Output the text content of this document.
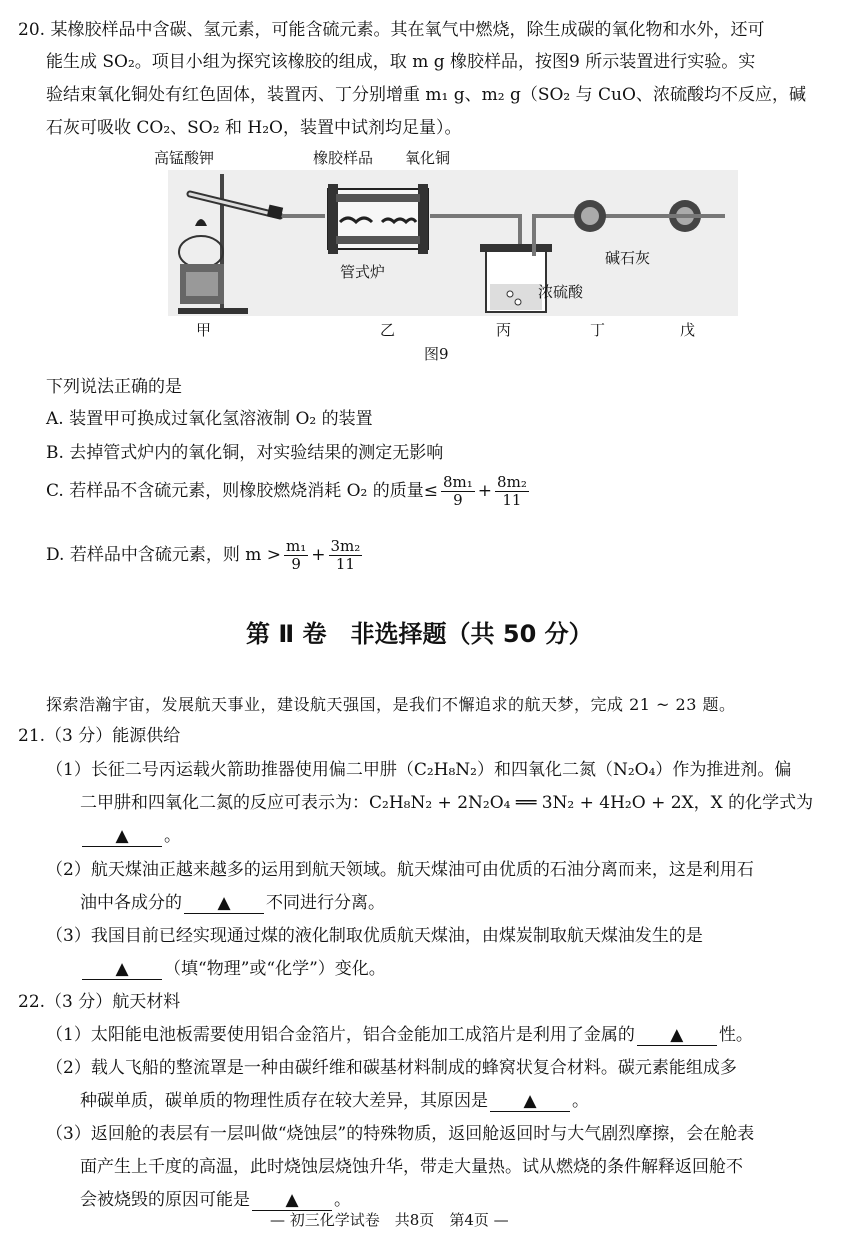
20. 某橡胶样品中含碳、氢元素，可能含硫元素。其在氧气中燃烧，除生成碳的氧化物和水外，还可
能生成 SO₂。项目小组为探究该橡胶的组成，取 m g 橡胶样品，按图9 所示装置进行实验。实
验结束氧化铜处有红色固体，装置丙、丁分别增重 m₁ g、m₂ g（SO₂ 与 CuO、浓硫酸均不反应，碱
石灰可吸收 CO₂、SO₂ 和 H₂O，装置中试剂均足量）。
高锰酸钾	橡胶样品 氧化铜
管式炉
浓硫酸
碱石灰
甲	乙	丙	丁	戊
图9
下列说法正确的是
A. 装置甲可换成过氧化氢溶液制 O₂ 的装置
B. 去掉管式炉内的氧化铜，对实验结果的测定无影响
C. 若样品不含硫元素，则橡胶燃烧消耗 O₂ 的质量≤ $\frac{\text{8m₁}}{9} + \frac{\text{8m₂}}{11}$
D. 若样品中含硫元素，则 $m > \frac{\text{m₁}}{9} + \frac{\text{3m₂}}{11}$
第 Ⅱ 卷　非选择题（共 50 分）
探索浩瀚宇宙，发展航天事业，建设航天强国，是我们不懈追求的航天梦，完成 21 ~ 23 题。
21.（3 分）能源供给
（1）长征二号丙运载火箭助推器使用偏二甲肼（C₂H₈N₂）和四氧化二氮（N₂O₄）作为推进剂。偏
二甲肼和四氧化二氮的反应可表示为：C₂H₈N₂ + 2N₂O₄ ══ 3N₂ + 4H₂O + 2X，X 的化学式为
▲ 。
（2）航天煤油正越来越多的运用到航天领域。航天煤油可由优质的石油分离而来，这是利用石
油中各成分的 ▲ 不同进行分离。
（3）我国目前已经实现通过煤的液化制取优质航天煤油，由煤炭制取航天煤油发生的是
▲ （填“物理”或“化学”）变化。
22.（3 分）航天材料
（1）太阳能电池板需要使用铝合金箔片，铝合金能加工成箔片是利用了金属的 ▲ 性。
（2）载人飞船的整流罩是一种由碳纤维和碳基材料制成的蜂窝状复合材料。碳元素能组成多
种碳单质，碳单质的物理性质存在较大差异，其原因是 ▲ 。
（3）返回舱的表层有一层叫做“烧蚀层”的特殊物质，返回舱返回时与大气剧烈摩擦，会在舱表
面产生上千度的高温，此时烧蚀层烧蚀升华，带走大量热。试从燃烧的条件解释返回舱不
会被烧毁的原因可能是 ▲ 。
— 初三化学试卷　共8页　第4页 —
